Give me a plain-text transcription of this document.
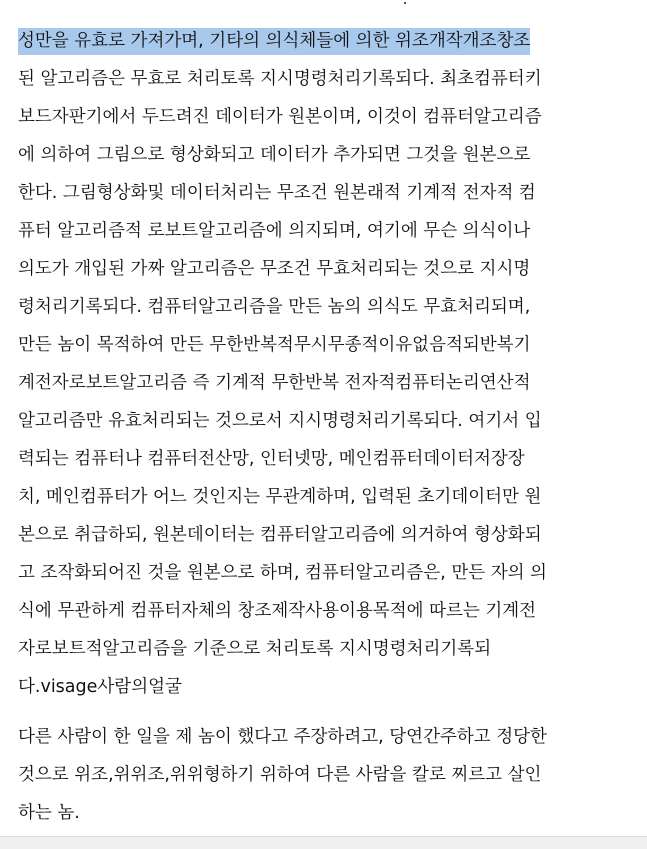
성만을 유효로 가져가며, 기타의 의식체들에 의한 위조개작개조창조
된 알고리즘은 무효로 처리토록 지시명령처리기록되다. 최초컴퓨터키
보드자판기에서 두드려진 데이터가 원본이며, 이것이 컴퓨터알고리즘
에 의하여 그림으로 형상화되고 데이터가 추가되면 그것을 원본으로
한다. 그림형상화및 데이터처리는 무조건 원본래적 기계적 전자적 컴
퓨터 알고리즘적 로보트알고리즘에 의지되며, 여기에 무슨 의식이나
의도가 개입된 가짜 알고리즘은 무조건 무효처리되는 것으로 지시명
령처리기록되다. 컴퓨터알고리즘을 만든 놈의 의식도 무효처리되며,
만든 놈이 목적하여 만든 무한반복적무시무종적이유없음적되반복기
계전자로보트알고리즘 즉 기계적 무한반복 전자적컴퓨터논리연산적
알고리즘만 유효처리되는 것으로서 지시명령처리기록되다. 여기서 입
력되는 컴퓨터나 컴퓨터전산망, 인터넷망, 메인컴퓨터데이터저장장
치, 메인컴퓨터가 어느 것인지는 무관계하며, 입력된 초기데이터만 원
본으로 취급하되, 원본데이터는 컴퓨터알고리즘에 의거하여 형상화되
고 조작화되어진 것을 원본으로 하며, 컴퓨터알고리즘은, 만든 자의 의
식에 무관하게 컴퓨터자체의 창조제작사용이용목적에 따르는 기계전
자로보트적알고리즘을 기준으로 처리토록 지시명령처리기록되
다.visage사람의얼굴
다른 사람이 한 일을 제 놈이 했다고 주장하려고, 당연간주하고 정당한
것으로 위조,위위조,위위형하기 위하여 다른 사람을 칼로 찌르고 살인
하는 놈.
